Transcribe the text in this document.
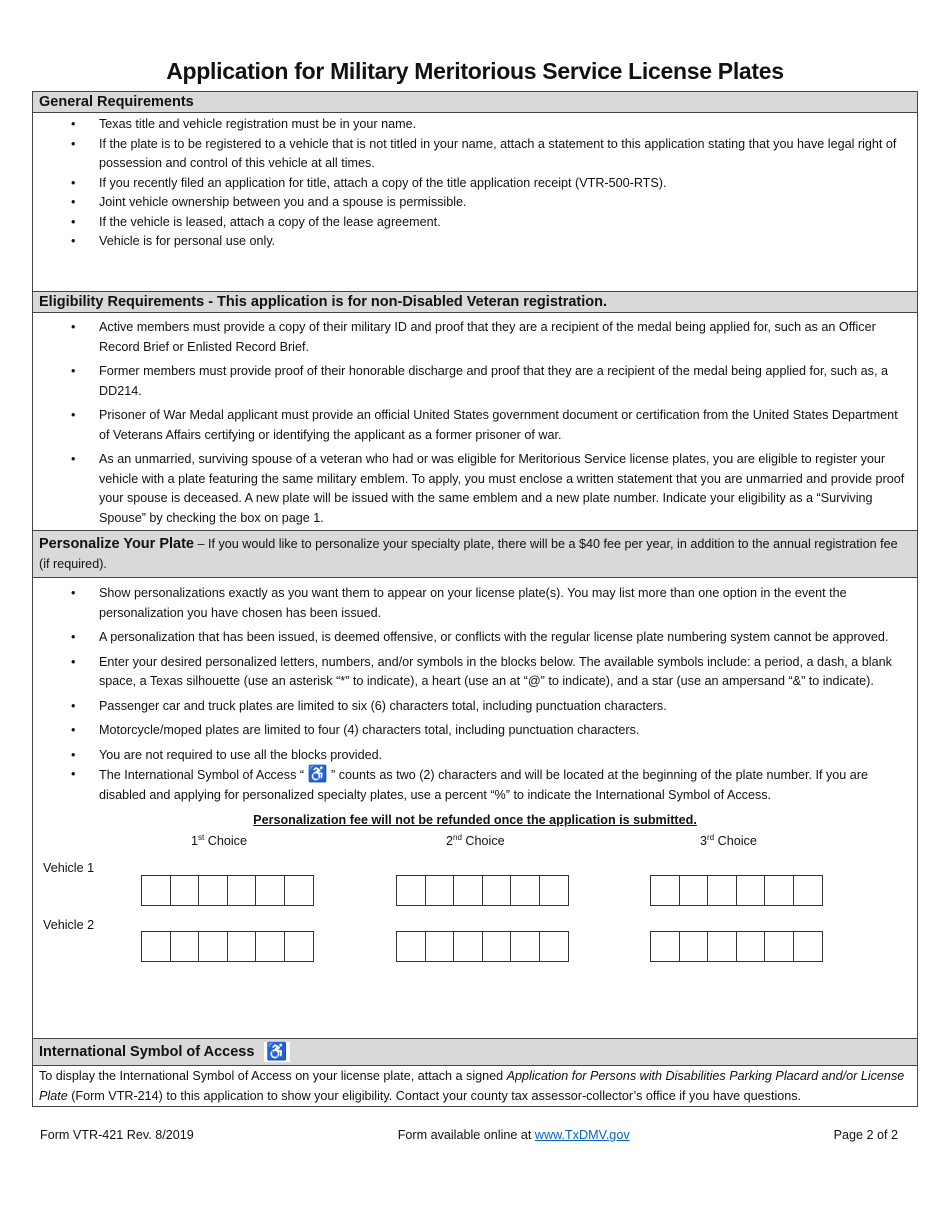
Application for Military Meritorious Service License Plates
General Requirements
• Texas title and vehicle registration must be in your name.
• If the plate is to be registered to a vehicle that is not titled in your name, attach a statement to this application stating that you have legal right of possession and control of this vehicle at all times.
• If you recently filed an application for title, attach a copy of the title application receipt (VTR-500-RTS).
• Joint vehicle ownership between you and a spouse is permissible.
• If the vehicle is leased, attach a copy of the lease agreement.
• Vehicle is for personal use only.
Eligibility Requirements - This application is for non-Disabled Veteran registration.
• Active members must provide a copy of their military ID and proof that they are a recipient of the medal being applied for, such as an Officer Record Brief or Enlisted Record Brief.
• Former members must provide proof of their honorable discharge and proof that they are a recipient of the medal being applied for, such as, a DD214.
• Prisoner of War Medal applicant must provide an official United States government document or certification from the United States Department of Veterans Affairs certifying or identifying the applicant as a former prisoner of war.
• As an unmarried, surviving spouse of a veteran who had or was eligible for Meritorious Service license plates, you are eligible to register your vehicle with a plate featuring the same military emblem. To apply, you must enclose a written statement that you are unmarried and provide proof your spouse is deceased. A new plate will be issued with the same emblem and a new plate number. Indicate your eligibility as a “Surviving Spouse” by checking the box on page 1.
Personalize Your Plate – If you would like to personalize your specialty plate, there will be a $40 fee per year, in addition to the annual registration fee (if required).
• Show personalizations exactly as you want them to appear on your license plate(s). You may list more than one option in the event the personalization you have chosen has been issued.
• A personalization that has been issued, is deemed offensive, or conflicts with the regular license plate numbering system cannot be approved.
• Enter your desired personalized letters, numbers, and/or symbols in the blocks below. The available symbols include: a period, a dash, a blank space, a Texas silhouette (use an asterisk “*” to indicate), a heart (use an at “@” to indicate), and a star (use an ampersand “&” to indicate).
• Passenger car and truck plates are limited to six (6) characters total, including punctuation characters.
• Motorcycle/moped plates are limited to four (4) characters total, including punctuation characters.
• You are not required to use all the blocks provided.
• The International Symbol of Access “ ♿ ” counts as two (2) characters and will be located at the beginning of the plate number. If you are disabled and applying for personalized specialty plates, use a percent “%” to indicate the International Symbol of Access.
Personalization fee will not be refunded once the application is submitted.
1st Choice	2nd Choice	3rd Choice
Vehicle 1
Vehicle 2
International Symbol of Access ♿
To display the International Symbol of Access on your license plate, attach a signed Application for Persons with Disabilities Parking Placard and/or License Plate (Form VTR-214) to this application to show your eligibility. Contact your county tax assessor-collector’s office if you have questions.
Form VTR-421 Rev. 8/2019	Form available online at www.TxDMV.gov	Page 2 of 2
